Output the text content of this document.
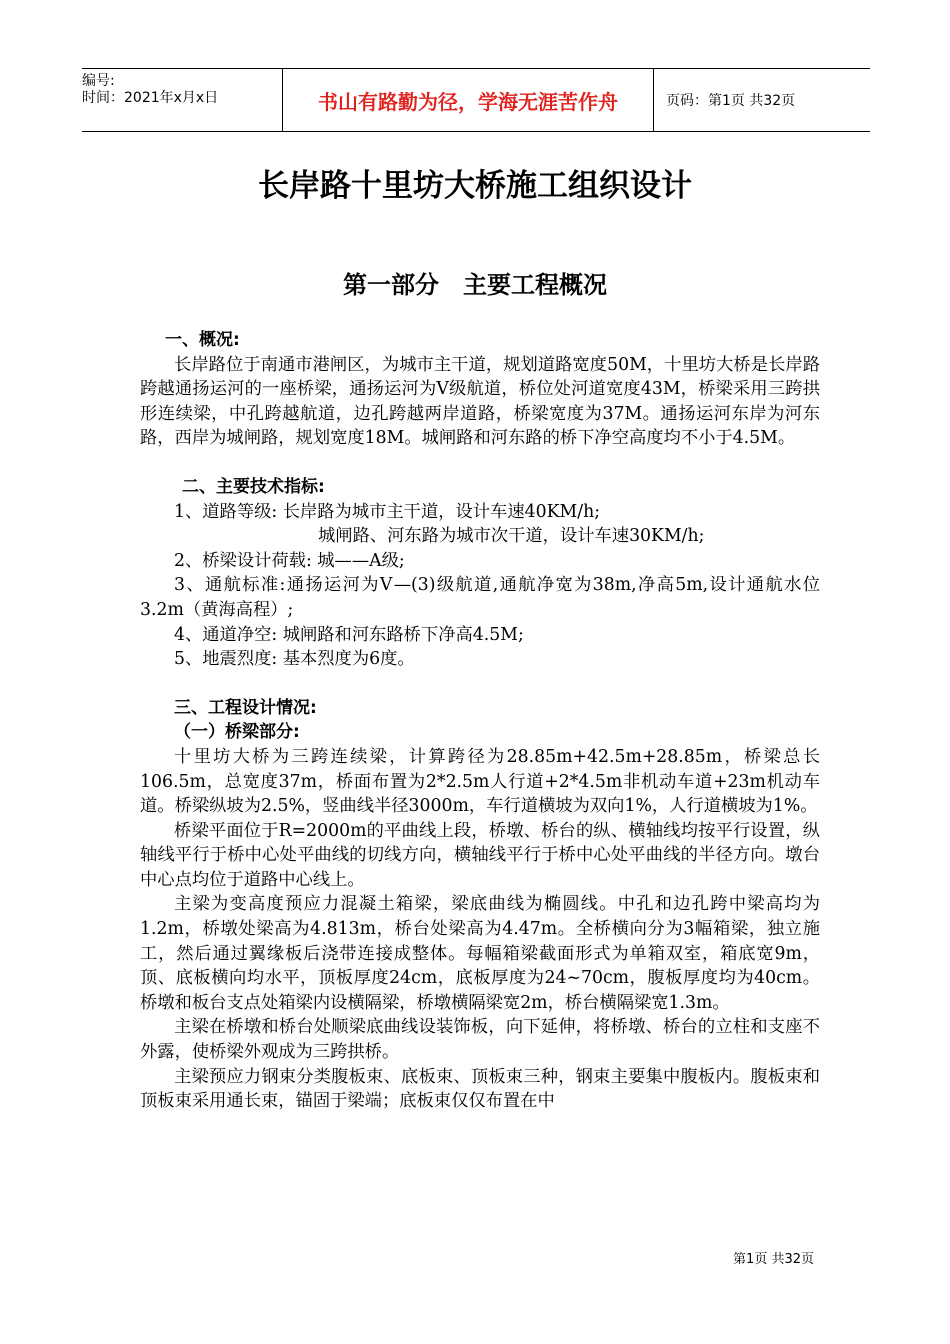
编号:
时间：2021年x月x日	书山有路勤为径，学海无涯苦作舟	页码：第1页 共32页
长岸路十里坊大桥施工组织设计
第一部分　主要工程概况

一、概况:

长岸路位于南通市港闸区，为城市主干道，规划道路宽度50M，十里坊大桥是长岸路跨越通扬运河的一座桥梁，通扬运河为Ⅴ级航道，桥位处河道宽度43M，桥梁采用三跨拱形连续梁，中孔跨越航道，边孔跨越两岸道路，桥梁宽度为37M。通扬运河东岸为河东路，西岸为城闸路，规划宽度18M。城闸路和河东路的桥下净空高度均不小于4.5M。

二、主要技术指标:

1、道路等级: 长岸路为城市主干道，设计车速40KM/h;

城闸路、河东路为城市次干道，设计车速30KM/h;

2、桥梁设计荷载: 城——A级;

3、通航标准:通扬运河为Ⅴ—(3)级航道,通航净宽为38m,净高5m,设计通航水位3.2m（黄海高程）;

4、通道净空: 城闸路和河东路桥下净高4.5M;

5、地震烈度: 基本烈度为6度。

三、工程设计情况:

（一）桥梁部分:

十里坊大桥为三跨连续梁，计算跨径为28.85m+42.5m+28.85m，桥梁总长106.5m，总宽度37m，桥面布置为2*2.5m人行道+2*4.5m非机动车道+23m机动车道。桥梁纵坡为2.5%，竖曲线半径3000m，车行道横坡为双向1%，人行道横坡为1%。

桥梁平面位于R=2000m的平曲线上段，桥墩、桥台的纵、横轴线均按平行设置，纵轴线平行于桥中心处平曲线的切线方向，横轴线平行于桥中心处平曲线的半径方向。墩台中心点均位于道路中心线上。

主梁为变高度预应力混凝土箱梁，梁底曲线为椭圆线。中孔和边孔跨中梁高均为1.2m，桥墩处梁高为4.813m，桥台处梁高为4.47m。全桥横向分为3幅箱梁，独立施工，然后通过翼缘板后浇带连接成整体。每幅箱梁截面形式为单箱双室，箱底宽9m，顶、底板横向均水平，顶板厚度24cm，底板厚度为24~70cm，腹板厚度均为40cm。桥墩和板台支点处箱梁内设横隔梁，桥墩横隔梁宽2m，桥台横隔梁宽1.3m。

主梁在桥墩和桥台处顺梁底曲线设装饰板，向下延伸，将桥墩、桥台的立柱和支座不外露，使桥梁外观成为三跨拱桥。

主梁预应力钢束分类腹板束、底板束、顶板束三种，钢束主要集中腹板内。腹板束和顶板束采用通长束，锚固于梁端；底板束仅仅布置在中

第1页 共32页
